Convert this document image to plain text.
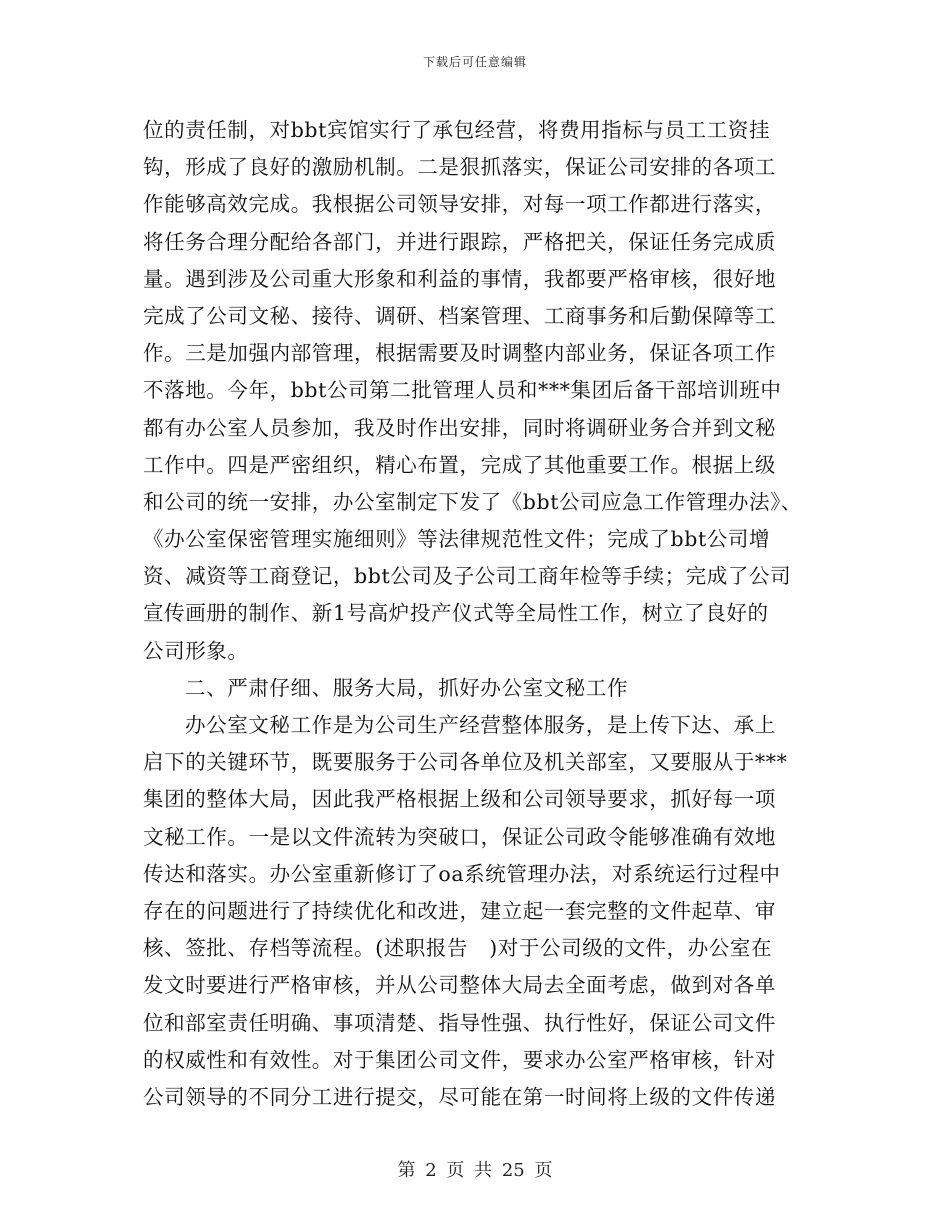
下载后可任意编辑
位的责任制，对bbt宾馆实行了承包经营，将费用指标与员工工资挂
钩，形成了良好的激励机制。二是狠抓落实，保证公司安排的各项工
作能够高效完成。我根据公司领导安排，对每一项工作都进行落实，
将任务合理分配给各部门，并进行跟踪，严格把关，保证任务完成质
量。遇到涉及公司重大形象和利益的事情，我都要严格审核，很好地
完成了公司文秘、接待、调研、档案管理、工商事务和后勤保障等工
作。三是加强内部管理，根据需要及时调整内部业务，保证各项工作
不落地。今年，bbt公司第二批管理人员和***集团后备干部培训班中
都有办公室人员参加，我及时作出安排，同时将调研业务合并到文秘
工作中。四是严密组织，精心布置，完成了其他重要工作。根据上级
和公司的统一安排，办公室制定下发了《bbt公司应急工作管理办法》、
《办公室保密管理实施细则》等法律规范性文件；完成了bbt公司增
资、减资等工商登记，bbt公司及子公司工商年检等手续；完成了公司
宣传画册的制作、新1号高炉投产仪式等全局性工作，树立了良好的
公司形象。
二、严肃仔细、服务大局，抓好办公室文秘工作
办公室文秘工作是为公司生产经营整体服务，是上传下达、承上
启下的关键环节，既要服务于公司各单位及机关部室，又要服从于***
集团的整体大局，因此我严格根据上级和公司领导要求，抓好每一项
文秘工作。一是以文件流转为突破口，保证公司政令能够准确有效地
传达和落实。办公室重新修订了oa系统管理办法，对系统运行过程中
存在的问题进行了持续优化和改进，建立起一套完整的文件起草、审
核、签批、存档等流程。(述职报告　)对于公司级的文件，办公室在
发文时要进行严格审核，并从公司整体大局去全面考虑，做到对各单
位和部室责任明确、事项清楚、指导性强、执行性好，保证公司文件
的权威性和有效性。对于集团公司文件，要求办公室严格审核，针对
公司领导的不同分工进行提交，尽可能在第一时间将上级的文件传递
第 2 页 共 25 页
